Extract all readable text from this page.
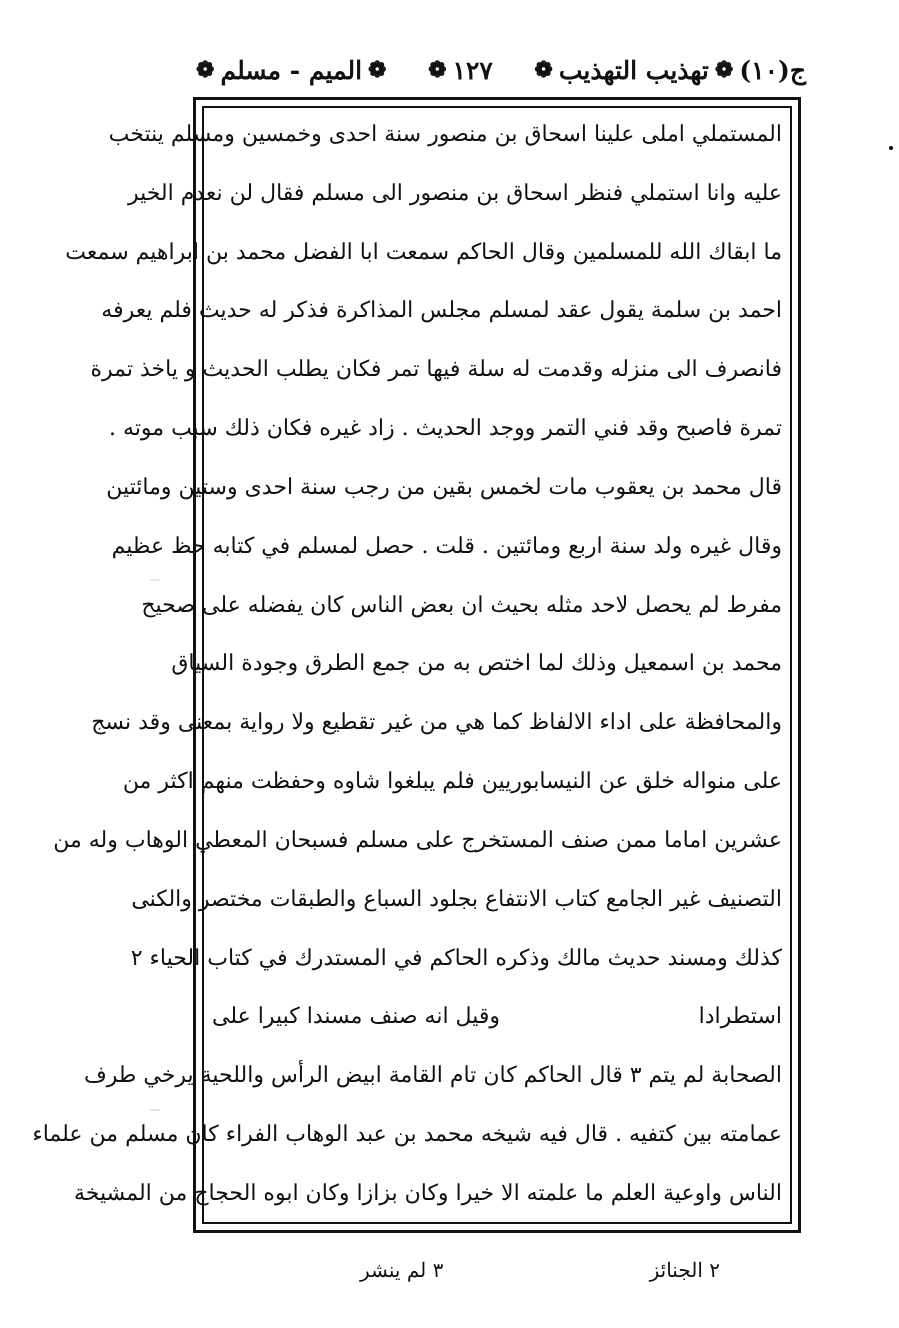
ج(١٠)
❁
تهذيب التهذيب
❁
١٢٧
❁
❁
الميم - مسلم
❁
المستملي املى علينا اسحاق بن منصور سنة احدى وخمسين ومسلم ينتخب
عليه وانا استملي فنظر اسحاق بن منصور الى مسلم فقال لن نعدم الخير
ما ابقاك الله للمسلمين وقال الحاكم سمعت ابا الفضل محمد بن ابراهيم سمعت
احمد بن سلمة يقول عقد لمسلم مجلس المذاكرة فذكر له حديث فلم يعرفه
فانصرف الى منزله وقدمت له سلة فيها تمر فكان يطلب الحديث و ياخذ تمرة
تمرة فاصبح وقد فني التمر ووجد الحديث . زاد غيره فكان ذلك سبب موته .
قال محمد بن يعقوب مات لخمس بقين من رجب سنة احدى وستين ومائتين
وقال غيره ولد سنة اربع ومائتين . قلت . حصل لمسلم في كتابه حظ عظيم
مفرط لم يحصل لاحد مثله بحيث ان بعض الناس كان يفضله على صحيح
محمد بن اسمعيل وذلك لما اختص به من جمع الطرق وجودة السياق
والمحافظة على اداء الالفاظ كما هي من غير تقطيع ولا رواية بمعنى وقد نسج
على منواله خلق عن النيسابوريين فلم يبلغوا شاوه وحفظت منهم اكثر من
عشرين اماما ممن صنف المستخرج على مسلم فسبحان المعطي الوهاب وله من
التصنيف غير الجامع كتاب الانتفاع بجلود السباع والطبقات مختصر والكنى
كذلك ومسند حديث مالك وذكره الحاكم في المستدرك في كتاب الحياء ٢
استطرادا
وقيل انه صنف مسندا كبيرا على
الصحابة لم يتم ٣ قال الحاكم كان تام القامة ابيض الرأس واللحية يرخي طرف
عمامته بين كتفيه . قال فيه شيخه محمد بن عبد الوهاب الفراء كان مسلم من علماء
الناس واوعية العلم ما علمته الا خيرا وكان بزازا وكان ابوه الحجاج من المشيخة
٢ الجنائز
٣ لم ينشر
